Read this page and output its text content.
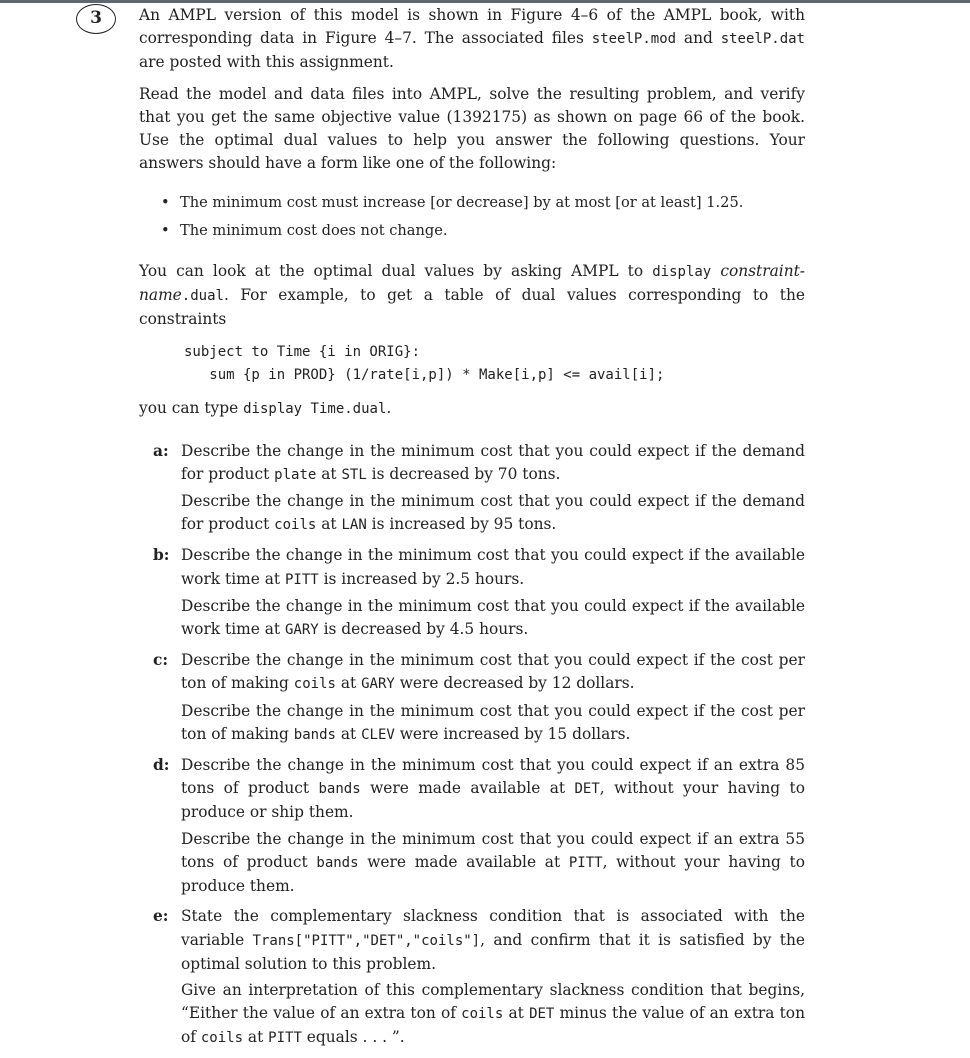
3	An AMPL version of this model is shown in Figure 4–6 of the AMPL book, with corresponding data in Figure 4–7. The associated files steelP.mod and steelP.dat are posted with this assignment.

Read the model and data files into AMPL, solve the resulting problem, and verify that you get the same objective value (1392175) as shown on page 66 of the book. Use the optimal dual values to help you answer the following questions. Your answers should have a form like one of the following:

• The minimum cost must increase [or decrease] by at most [or at least] 1.25.
• The minimum cost does not change.

You can look at the optimal dual values by asking AMPL to display constraint-name.dual. For example, to get a table of dual values corresponding to the constraints

subject to Time {i in ORIG}:
sum {p in PROD} (1/rate[i,p]) * Make[i,p] <= avail[i];

you can type display Time.dual.

a: Describe the change in the minimum cost that you could expect if the demand for product plate at STL is decreased by 70 tons.

Describe the change in the minimum cost that you could expect if the demand for product coils at LAN is increased by 95 tons.

b: Describe the change in the minimum cost that you could expect if the available work time at PITT is increased by 2.5 hours.

Describe the change in the minimum cost that you could expect if the available work time at GARY is decreased by 4.5 hours.

c: Describe the change in the minimum cost that you could expect if the cost per ton of making coils at GARY were decreased by 12 dollars.

Describe the change in the minimum cost that you could expect if the cost per ton of making bands at CLEV were increased by 15 dollars.

d: Describe the change in the minimum cost that you could expect if an extra 85 tons of product bands were made available at DET, without your having to produce or ship them.

Describe the change in the minimum cost that you could expect if an extra 55 tons of product bands were made available at PITT, without your having to produce them.

e: State the complementary slackness condition that is associated with the variable Trans["PITT","DET","coils"], and confirm that it is satisfied by the optimal solution to this problem.

Give an interpretation of this complementary slackness condition that begins, “Either the value of an extra ton of coils at DET minus the value of an extra ton of coils at PITT equals . . . ”.
